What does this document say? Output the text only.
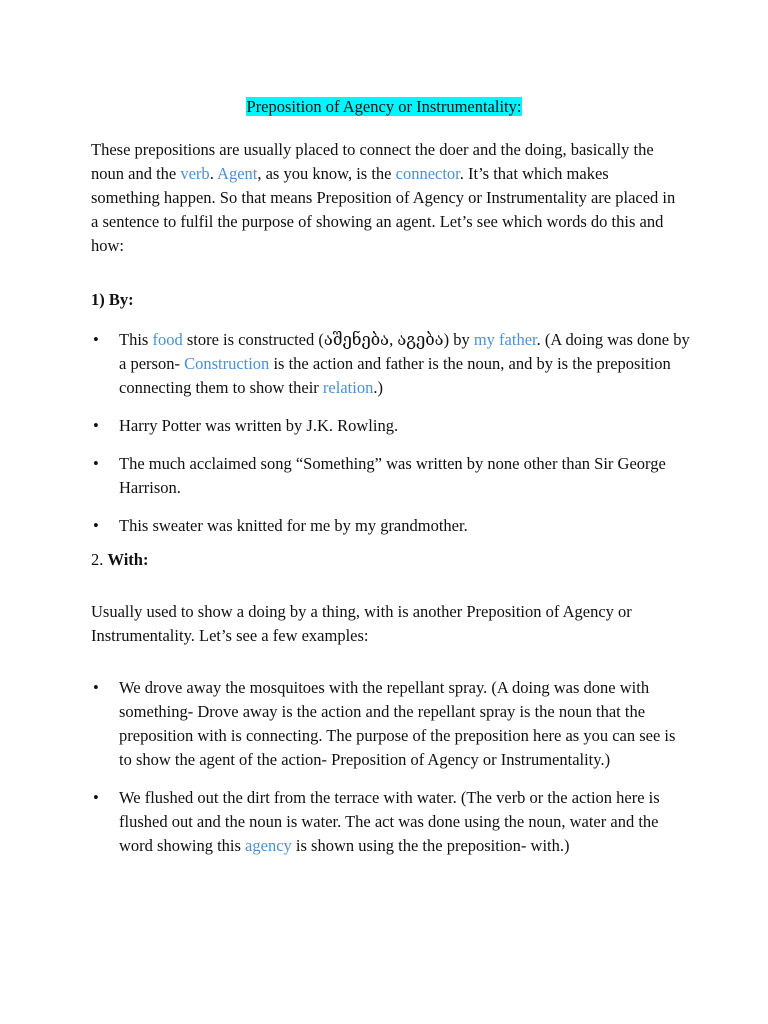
Preposition of Agency or Instrumentality:

These prepositions are usually placed to connect the doer and the doing, basically the noun and the verb. Agent, as you know, is the connector. It’s that which makes something happen. So that means Preposition of Agency or Instrumentality are placed in a sentence to fulfil the purpose of showing an agent. Let’s see which words do this and how:

1) By:

• This food store is constructed (აშენება, აგება) by my father. (A doing was done by a person- Construction is the action and father is the noun, and by is the preposition connecting them to show their relation.)
• Harry Potter was written by J.K. Rowling.
• The much acclaimed song “Something” was written by none other than Sir George Harrison.
• This sweater was knitted for me by my grandmother.

2. With:

Usually used to show a doing by a thing, with is another Preposition of Agency or Instrumentality. Let’s see a few examples:

• We drove away the mosquitoes with the repellant spray. (A doing was done with something- Drove away is the action and the repellant spray is the noun that the preposition with is connecting. The purpose of the preposition here as you can see is to show the agent of the action- Preposition of Agency or Instrumentality.)
• We flushed out the dirt from the terrace with water. (The verb or the action here is flushed out and the noun is water. The act was done using the noun, water and the word showing this agency is shown using the the preposition- with.)
